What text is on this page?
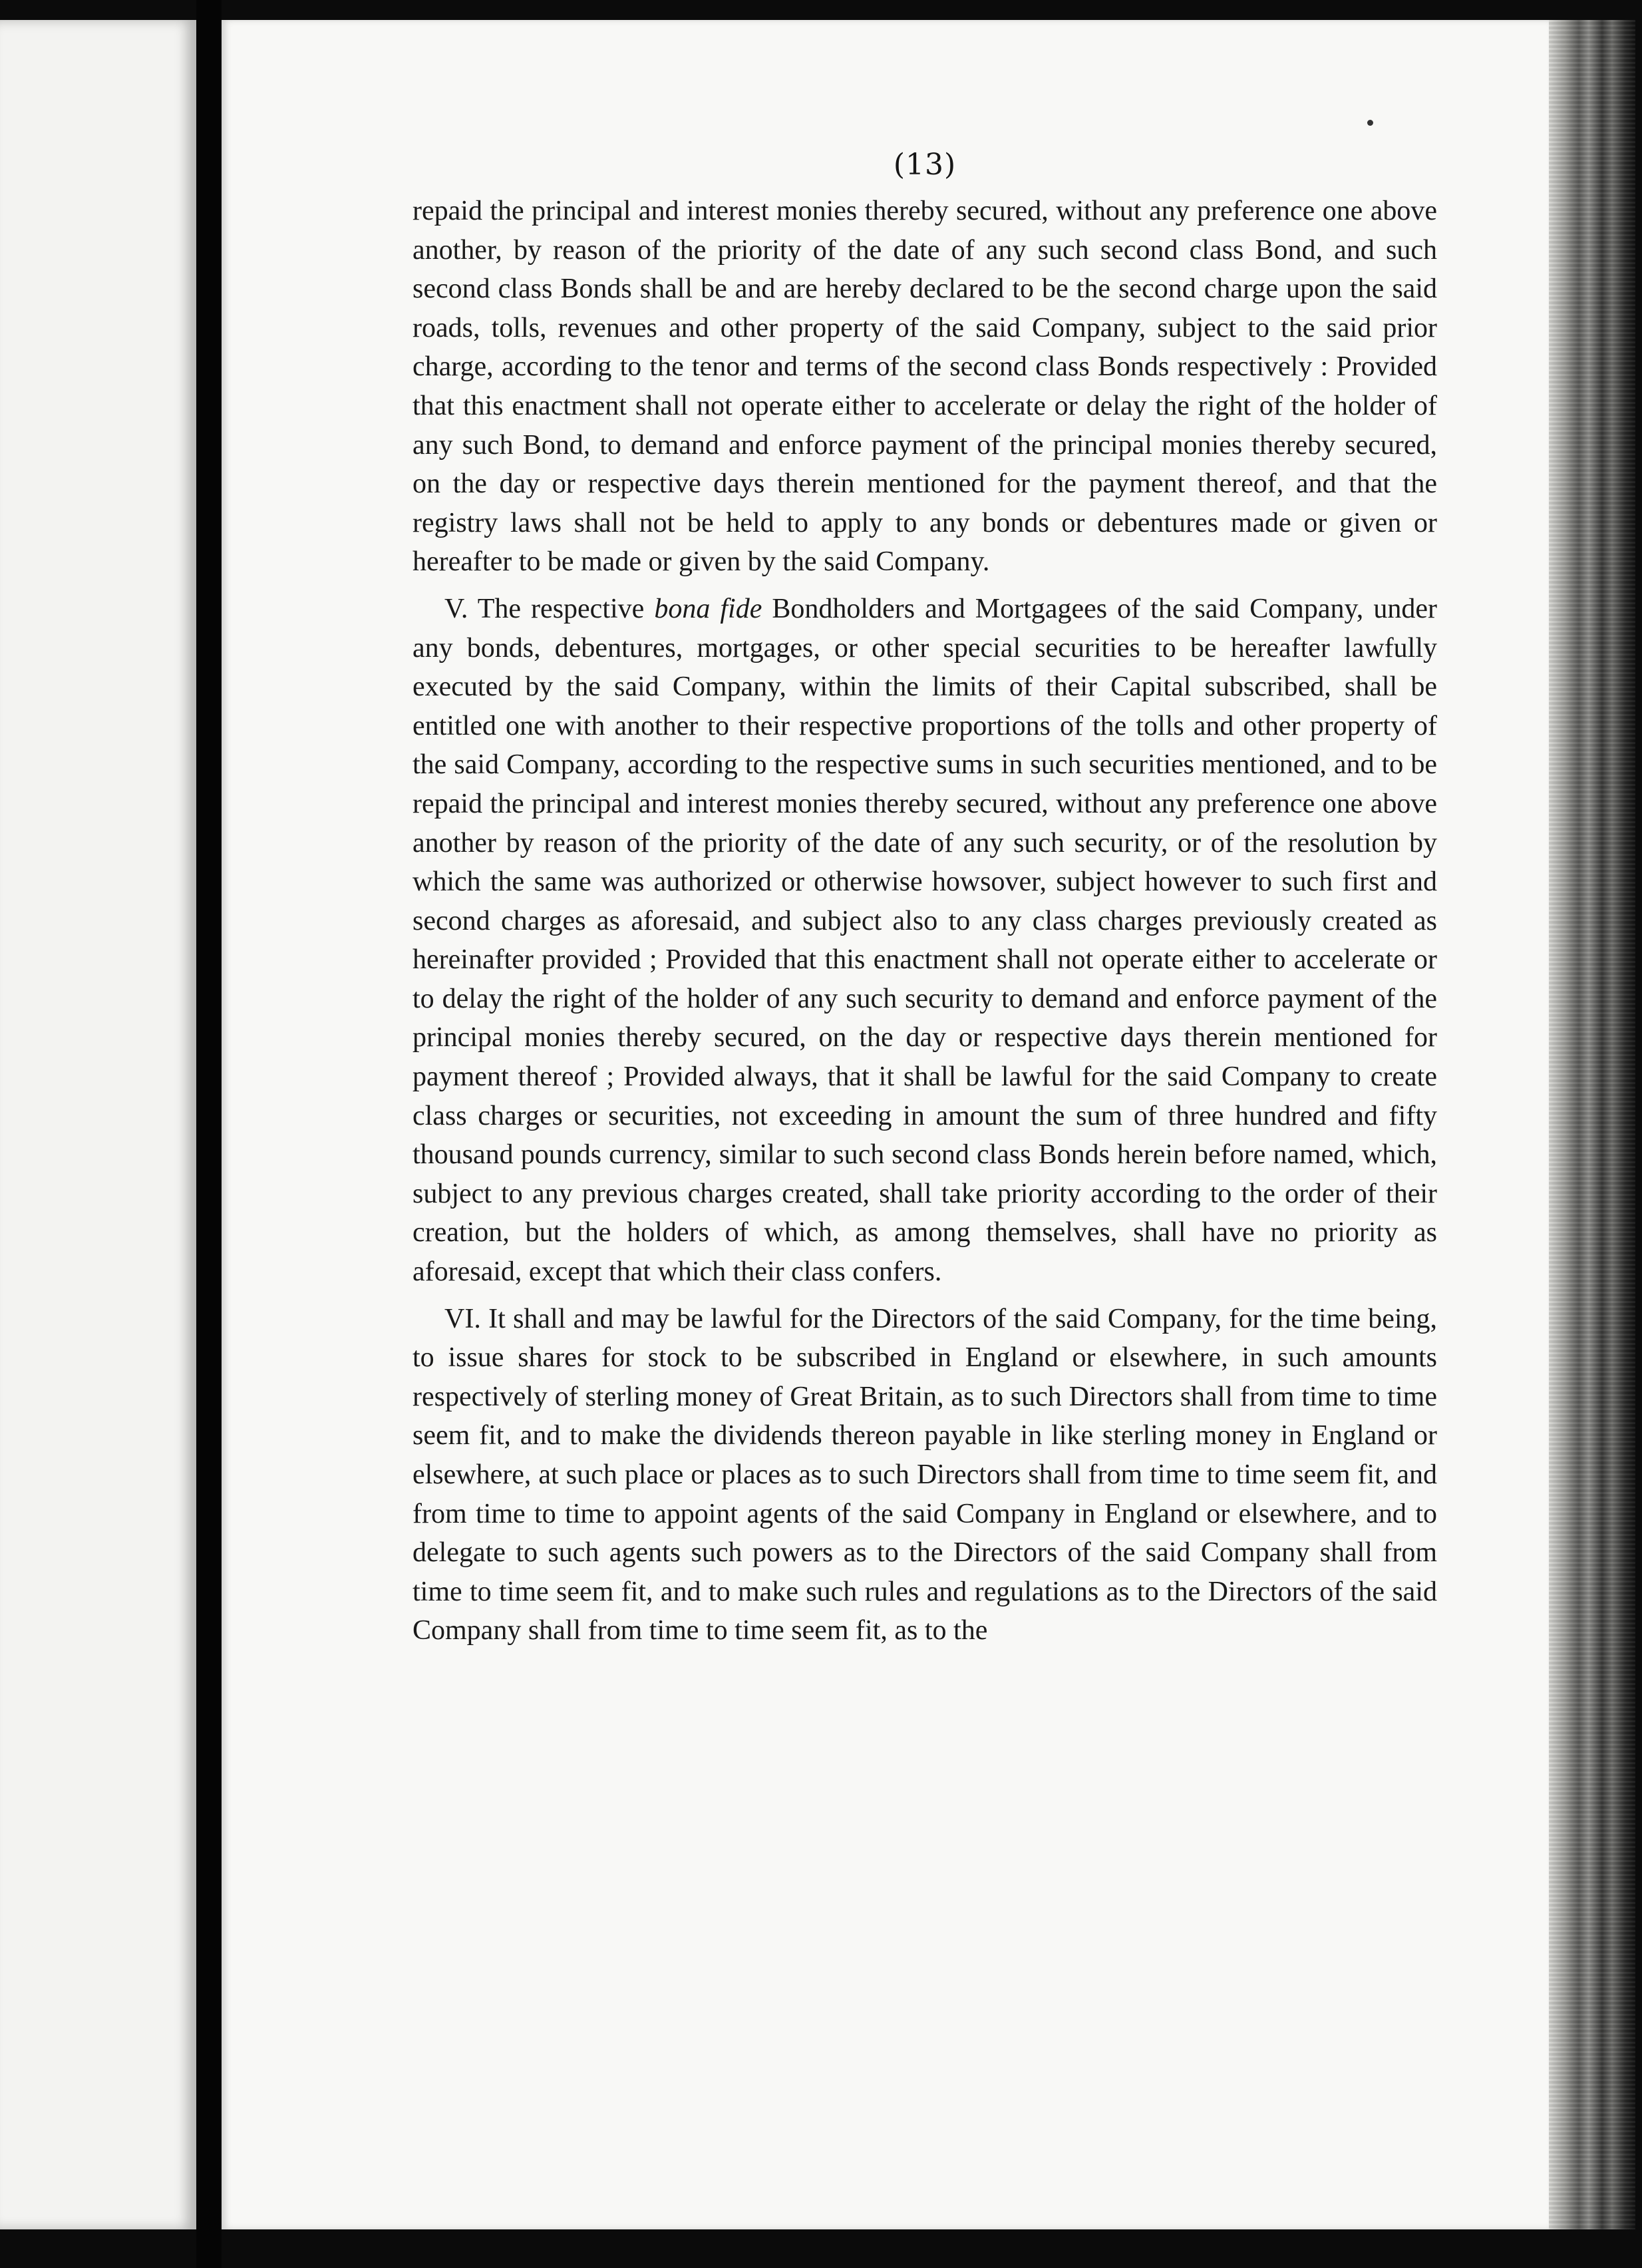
(13)

repaid the principal and interest monies thereby secured, without any preference one above another, by reason of the priority of the date of any such second class Bond, and such second class Bonds shall be and are hereby declared to be the second charge upon the said roads, tolls, revenues and other property of the said Company, subject to the said prior charge, according to the tenor and terms of the second class Bonds respectively : Provided that this enactment shall not operate either to accelerate or delay the right of the holder of any such Bond, to demand and enforce payment of the principal monies thereby secured, on the day or respective days therein mentioned for the payment thereof, and that the registry laws shall not be held to apply to any bonds or debentures made or given or hereafter to be made or given by the said Company.

V. The respective bona fide Bondholders and Mortgagees of the said Company, under any bonds, debentures, mortgages, or other special securities to be hereafter lawfully executed by the said Company, within the limits of their Capital subscribed, shall be entitled one with another to their respective proportions of the tolls and other property of the said Company, according to the respective sums in such securities mentioned, and to be repaid the principal and interest monies thereby secured, without any preference one above another by reason of the priority of the date of any such security, or of the resolution by which the same was authorized or otherwise howsover, subject however to such first and second charges as aforesaid, and subject also to any class charges previously created as hereinafter provided ; Provided that this enactment shall not operate either to accelerate or to delay the right of the holder of any such security to demand and enforce payment of the principal monies thereby secured, on the day or respective days therein mentioned for payment thereof ; Provided always, that it shall be lawful for the said Company to create class charges or securities, not exceeding in amount the sum of three hundred and fifty thousand pounds currency, similar to such second class Bonds herein before named, which, subject to any previous charges created, shall take priority according to the order of their creation, but the holders of which, as among themselves, shall have no priority as aforesaid, except that which their class confers.

VI. It shall and may be lawful for the Directors of the said Company, for the time being, to issue shares for stock to be subscribed in England or elsewhere, in such amounts respectively of sterling money of Great Britain, as to such Directors shall from time to time seem fit, and to make the dividends thereon payable in like sterling money in England or elsewhere, at such place or places as to such Directors shall from time to time seem fit, and from time to time to appoint agents of the said Company in England or elsewhere, and to delegate to such agents such powers as to the Directors of the said Company shall from time to time seem fit, and to make such rules and regulations as to the Directors of the said Company shall from time to time seem fit, as to the
